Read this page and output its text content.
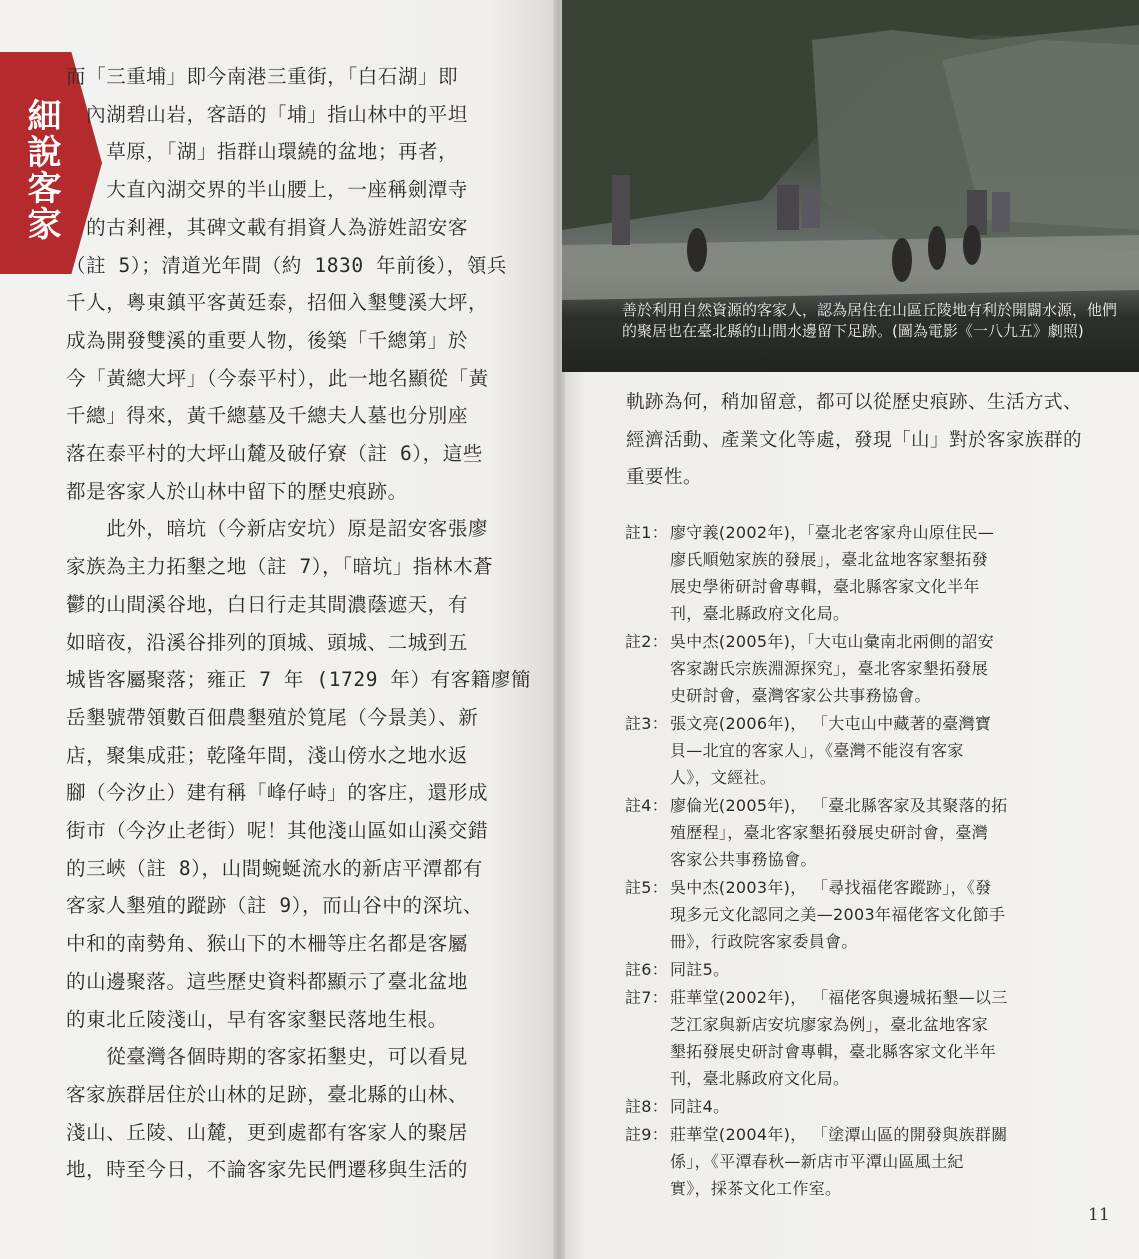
細說客家
而「三重埔」即今南港三重街，「白石湖」即
　內湖碧山岩，客語的「埔」指山林中的平坦
　　草原，「湖」指群山環繞的盆地；再者，
　　大直內湖交界的半山腰上，一座稱劍潭寺
　的古剎裡，其碑文載有捐資人為游姓詔安客
（註 5）；清道光年間（約 1830 年前後），領兵
千人，粵東鎮平客黃廷泰，招佃入墾雙溪大坪，
成為開發雙溪的重要人物，後築「千總第」於
今「黃總大坪」（今泰平村），此一地名顯從「黃
千總」得來，黃千總墓及千總夫人墓也分別座
落在泰平村的大坪山麓及破仔寮（註 6），這些
都是客家人於山林中留下的歷史痕跡。
　　此外，暗坑（今新店安坑）原是詔安客張廖
家族為主力拓墾之地（註 7），「暗坑」指林木蒼
鬱的山間溪谷地，白日行走其間濃蔭遮天，有
如暗夜，沿溪谷排列的頂城、頭城、二城到五
城皆客屬聚落；雍正 7 年 (1729 年）有客籍廖簡
岳墾號帶領數百佃農墾殖於筧尾（今景美）、新
店，聚集成莊；乾隆年間，淺山傍水之地水返
腳（今汐止）建有稱「峰仔峙」的客庄，還形成
街市（今汐止老街）呢！其他淺山區如山溪交錯
的三峽（註 8），山間蜿蜒流水的新店平潭都有
客家人墾殖的蹤跡（註 9），而山谷中的深坑、
中和的南勢角、猴山下的木柵等庄名都是客屬
的山邊聚落。這些歷史資料都顯示了臺北盆地
的東北丘陵淺山，早有客家墾民落地生根。
　　從臺灣各個時期的客家拓墾史，可以看見
客家族群居住於山林的足跡，臺北縣的山林、
淺山、丘陵、山麓，更到處都有客家人的聚居
地，時至今日，不論客家先民們遷移與生活的

善於利用自然資源的客家人，認為居住在山區丘陵地有利於開闢水源，他們的聚居也在臺北縣的山間水邊留下足跡。(圖為電影《一八九五》劇照)

軌跡為何，稍加留意，都可以從歷史痕跡、生活方式、經濟活動、產業文化等處，發現「山」對於客家族群的重要性。

註1： 廖守義(2002年)，「臺北老客家舟山原住民—
廖氏順勉家族的發展」，臺北盆地客家墾拓發
展史學術研討會專輯，臺北縣客家文化半年
刊，臺北縣政府文化局。
註2： 吳中杰(2005年)，「大屯山彙南北兩側的詔安
客家謝氏宗族淵源探究」，臺北客家墾拓發展
史研討會，臺灣客家公共事務協會。
註3： 張文亮(2006年)， 「大屯山中藏著的臺灣寶
貝—北宜的客家人」，《臺灣不能沒有客家
人》，文經社。
註4： 廖倫光(2005年)， 「臺北縣客家及其聚落的拓
殖歷程」，臺北客家墾拓發展史研討會，臺灣
客家公共事務協會。
註5： 吳中杰(2003年)， 「尋找福佬客蹤跡」，《發
現多元文化認同之美—2003年福佬客文化節手
冊》，行政院客家委員會。
註6： 同註5。
註7： 莊華堂(2002年)， 「福佬客與邊城拓墾—以三
芝江家與新店安坑廖家為例」，臺北盆地客家
墾拓發展史研討會專輯，臺北縣客家文化半年
刊，臺北縣政府文化局。
註8： 同註4。
註9： 莊華堂(2004年)， 「塗潭山區的開發與族群關
係」，《平潭春秋—新店市平潭山區風土紀
實》，採茶文化工作室。
11
